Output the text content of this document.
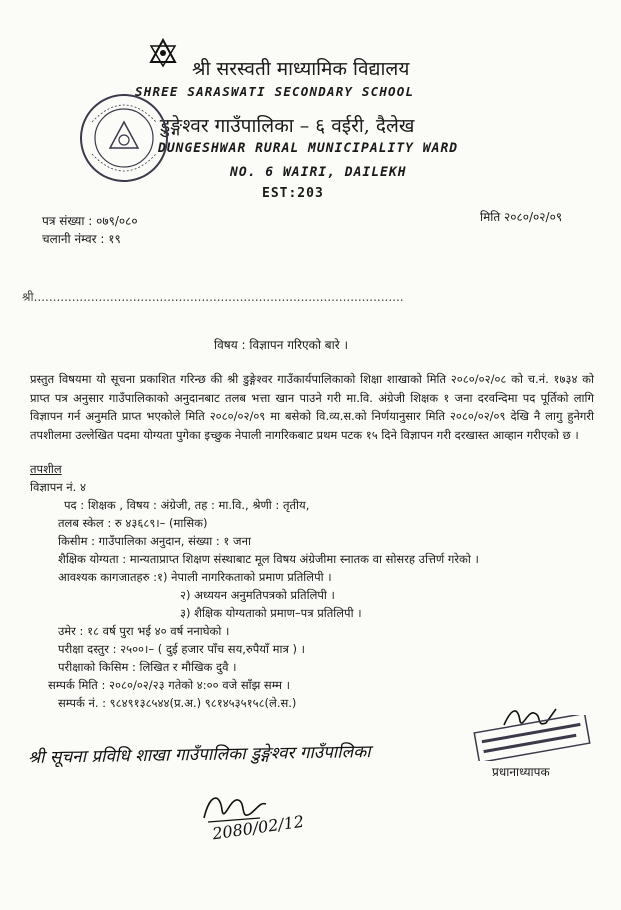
श्री सरस्वती माध्यामिक विद्यालय
SHREE SARASWATI SECONDARY SCHOOL
डुङ्गेश्वर गाउँपालिका – ६ वईरी, दैलेख
DUNGESHWAR RURAL MUNICIPALITY WARD
NO. 6 WAIRI, DAILEKH
EST:203
पत्र संख्या : ०७९/०८०
चलानी नंम्वर : १९
मिति २०८०/०२/०९
श्री.................................................................................................
विषय : विज्ञापन गरिएको बारे ।
प्रस्तुत विषयमा यो सूचना प्रकाशित गरिन्छ की श्री डुङ्गेश्वर गाउँकार्यपालिकाको शिक्षा शाखाको मिति २०८०/०२/०८ को च.नं. १७३४ को प्राप्त पत्र अनुसार गाउँपालिकाको अनुदानबाट तलब भत्ता खान पाउने गरी मा.वि. अंग्रेजी शिक्षक १ जना दरवन्दिमा पद पूर्तिको लागि विज्ञापन गर्न अनुमति प्राप्त भएकोले मिति २०८०/०२/०९ मा बसेको वि.व्य.स.को निर्णयानुसार मिति २०८०/०२/०९ देखि नै लागु हुनेगरी तपशीलमा उल्लेखित पदमा योग्यता पुगेका इच्छुक नेपाली नागरिकबाट प्रथम पटक १५ दिने विज्ञापन गरी दरखास्त आव्हान गरीएको छ ।
तपशील
विज्ञापन नं. ४
पद : शिक्षक , विषय : अंग्रेजी, तह : मा.वि., श्रेणी : तृतीय,
तलब स्केल : रु ४३६८९।– (मासिक)
किसीम : गाउँपालिका अनुदान, संख्या : १ जना
शैक्षिक योग्यता : मान्यताप्राप्त शिक्षण संस्थाबाट मूल विषय अंग्रेजीमा स्नातक वा सोसरह उत्तिर्ण गरेको ।
आवश्यक कागजातहरु :१) नेपाली नागरिकताको प्रमाण प्रतिलिपी ।
२) अध्ययन अनुमतिपत्रको प्रतिलिपी ।
३) शैक्षिक योग्यताको प्रमाण–पत्र प्रतिलिपी ।
उमेर : १८ वर्ष पुरा भई ४० वर्ष ननाघेको ।
परीक्षा दस्तुर : २५००।– ( दुई हजार पाँच सय,रुपैयाँ मात्र ) ।
परीक्षाको किसिम : लिखित र मौखिक दुवै ।
सम्पर्क मिति : २०८०/०२/२३ गतेको ४:०० वजे साँझ सम्म ।
सम्पर्क नं. : ९८४९१३८५४४(प्र.अ.) ९८१४५३५१५८(ले.स.)
श्री सूचना प्रविधि शाखा गाउँपालिका डुङ्गेश्वर गाउँपालिका
2080/02/12
प्रधानाध्यापक
